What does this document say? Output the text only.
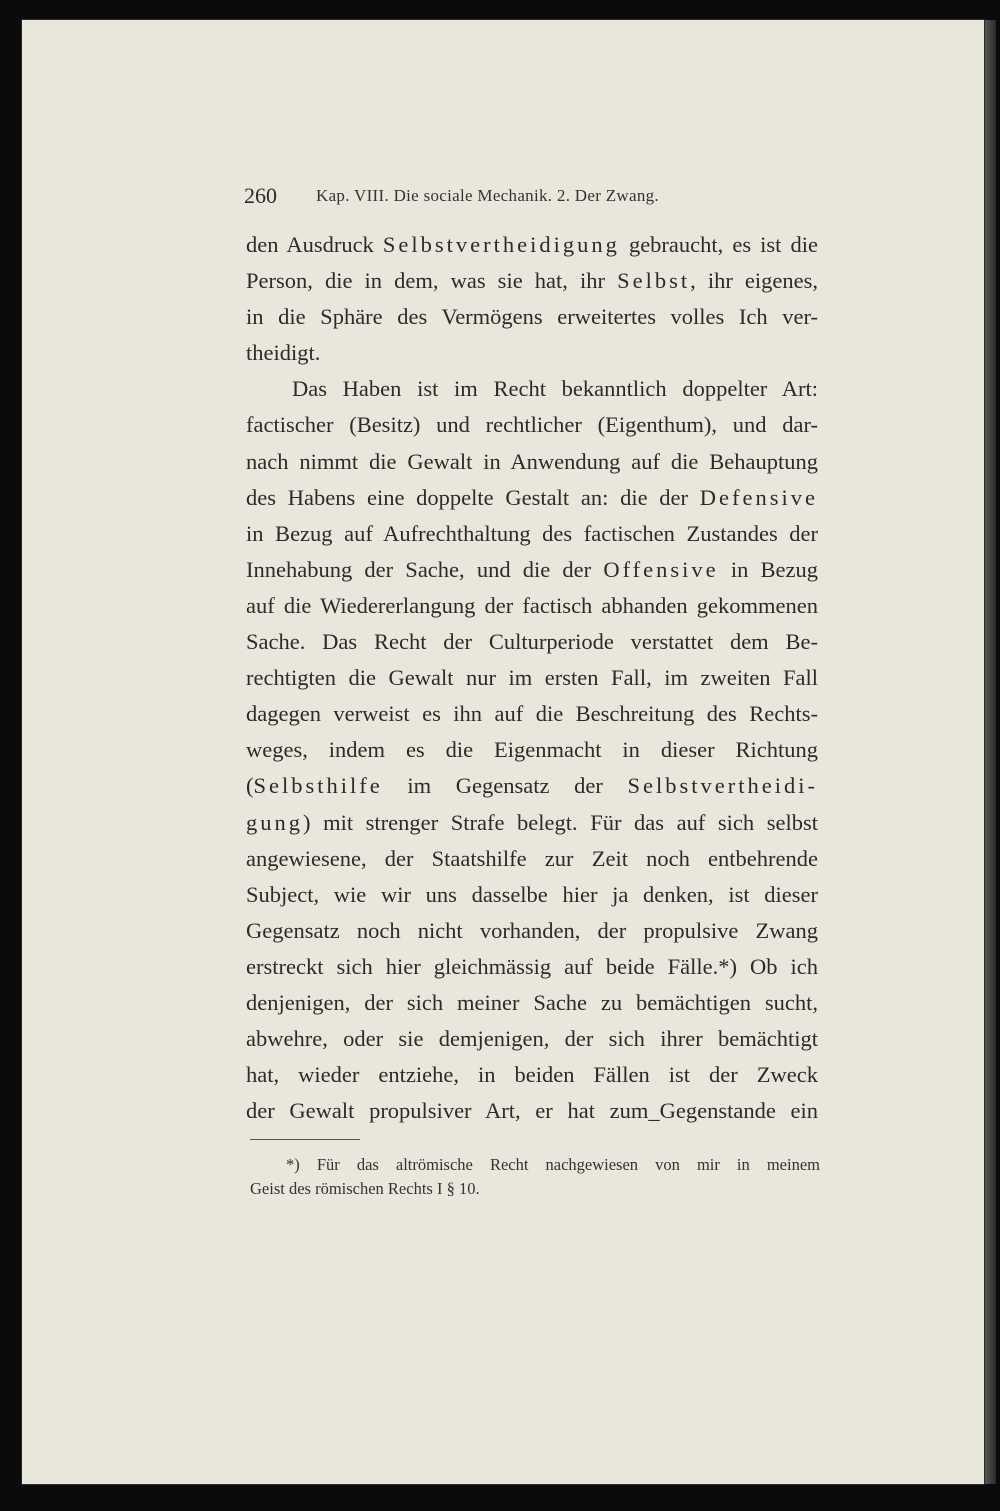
260 Kap. VIII. Die sociale Mechanik. 2. Der Zwang.
den Ausdruck Selbstvertheidigung gebraucht, es ist die
Person, die in dem, was sie hat, ihr Selbst, ihr eigenes,
in die Sphäre des Vermögens erweitertes volles Ich ver-
theidigt.
Das Haben ist im Recht bekanntlich doppelter Art:
factischer (Besitz) und rechtlicher (Eigenthum), und dar-
nach nimmt die Gewalt in Anwendung auf die Behauptung
des Habens eine doppelte Gestalt an: die der Defensive
in Bezug auf Aufrechthaltung des factischen Zustandes der
Innehabung der Sache, und die der Offensive in Bezug
auf die Wiedererlangung der factisch abhanden gekommenen
Sache. Das Recht der Culturperiode verstattet dem Be-
rechtigten die Gewalt nur im ersten Fall, im zweiten Fall
dagegen verweist es ihn auf die Beschreitung des Rechts-
weges, indem es die Eigenmacht in dieser Richtung
(Selbsthilfe im Gegensatz der Selbstvertheidi-
gung) mit strenger Strafe belegt. Für das auf sich selbst
angewiesene, der Staatshilfe zur Zeit noch entbehrende
Subject, wie wir uns dasselbe hier ja denken, ist dieser
Gegensatz noch nicht vorhanden, der propulsive Zwang
erstreckt sich hier gleichmässig auf beide Fälle.*) Ob ich
denjenigen, der sich meiner Sache zu bemächtigen sucht,
abwehre, oder sie demjenigen, der sich ihrer bemächtigt
hat, wieder entziehe, in beiden Fällen ist der Zweck
der Gewalt propulsiver Art, er hat zum_Gegenstande ein
*) Für das altrömische Recht nachgewiesen von mir in meinem
Geist des römischen Rechts I § 10.
